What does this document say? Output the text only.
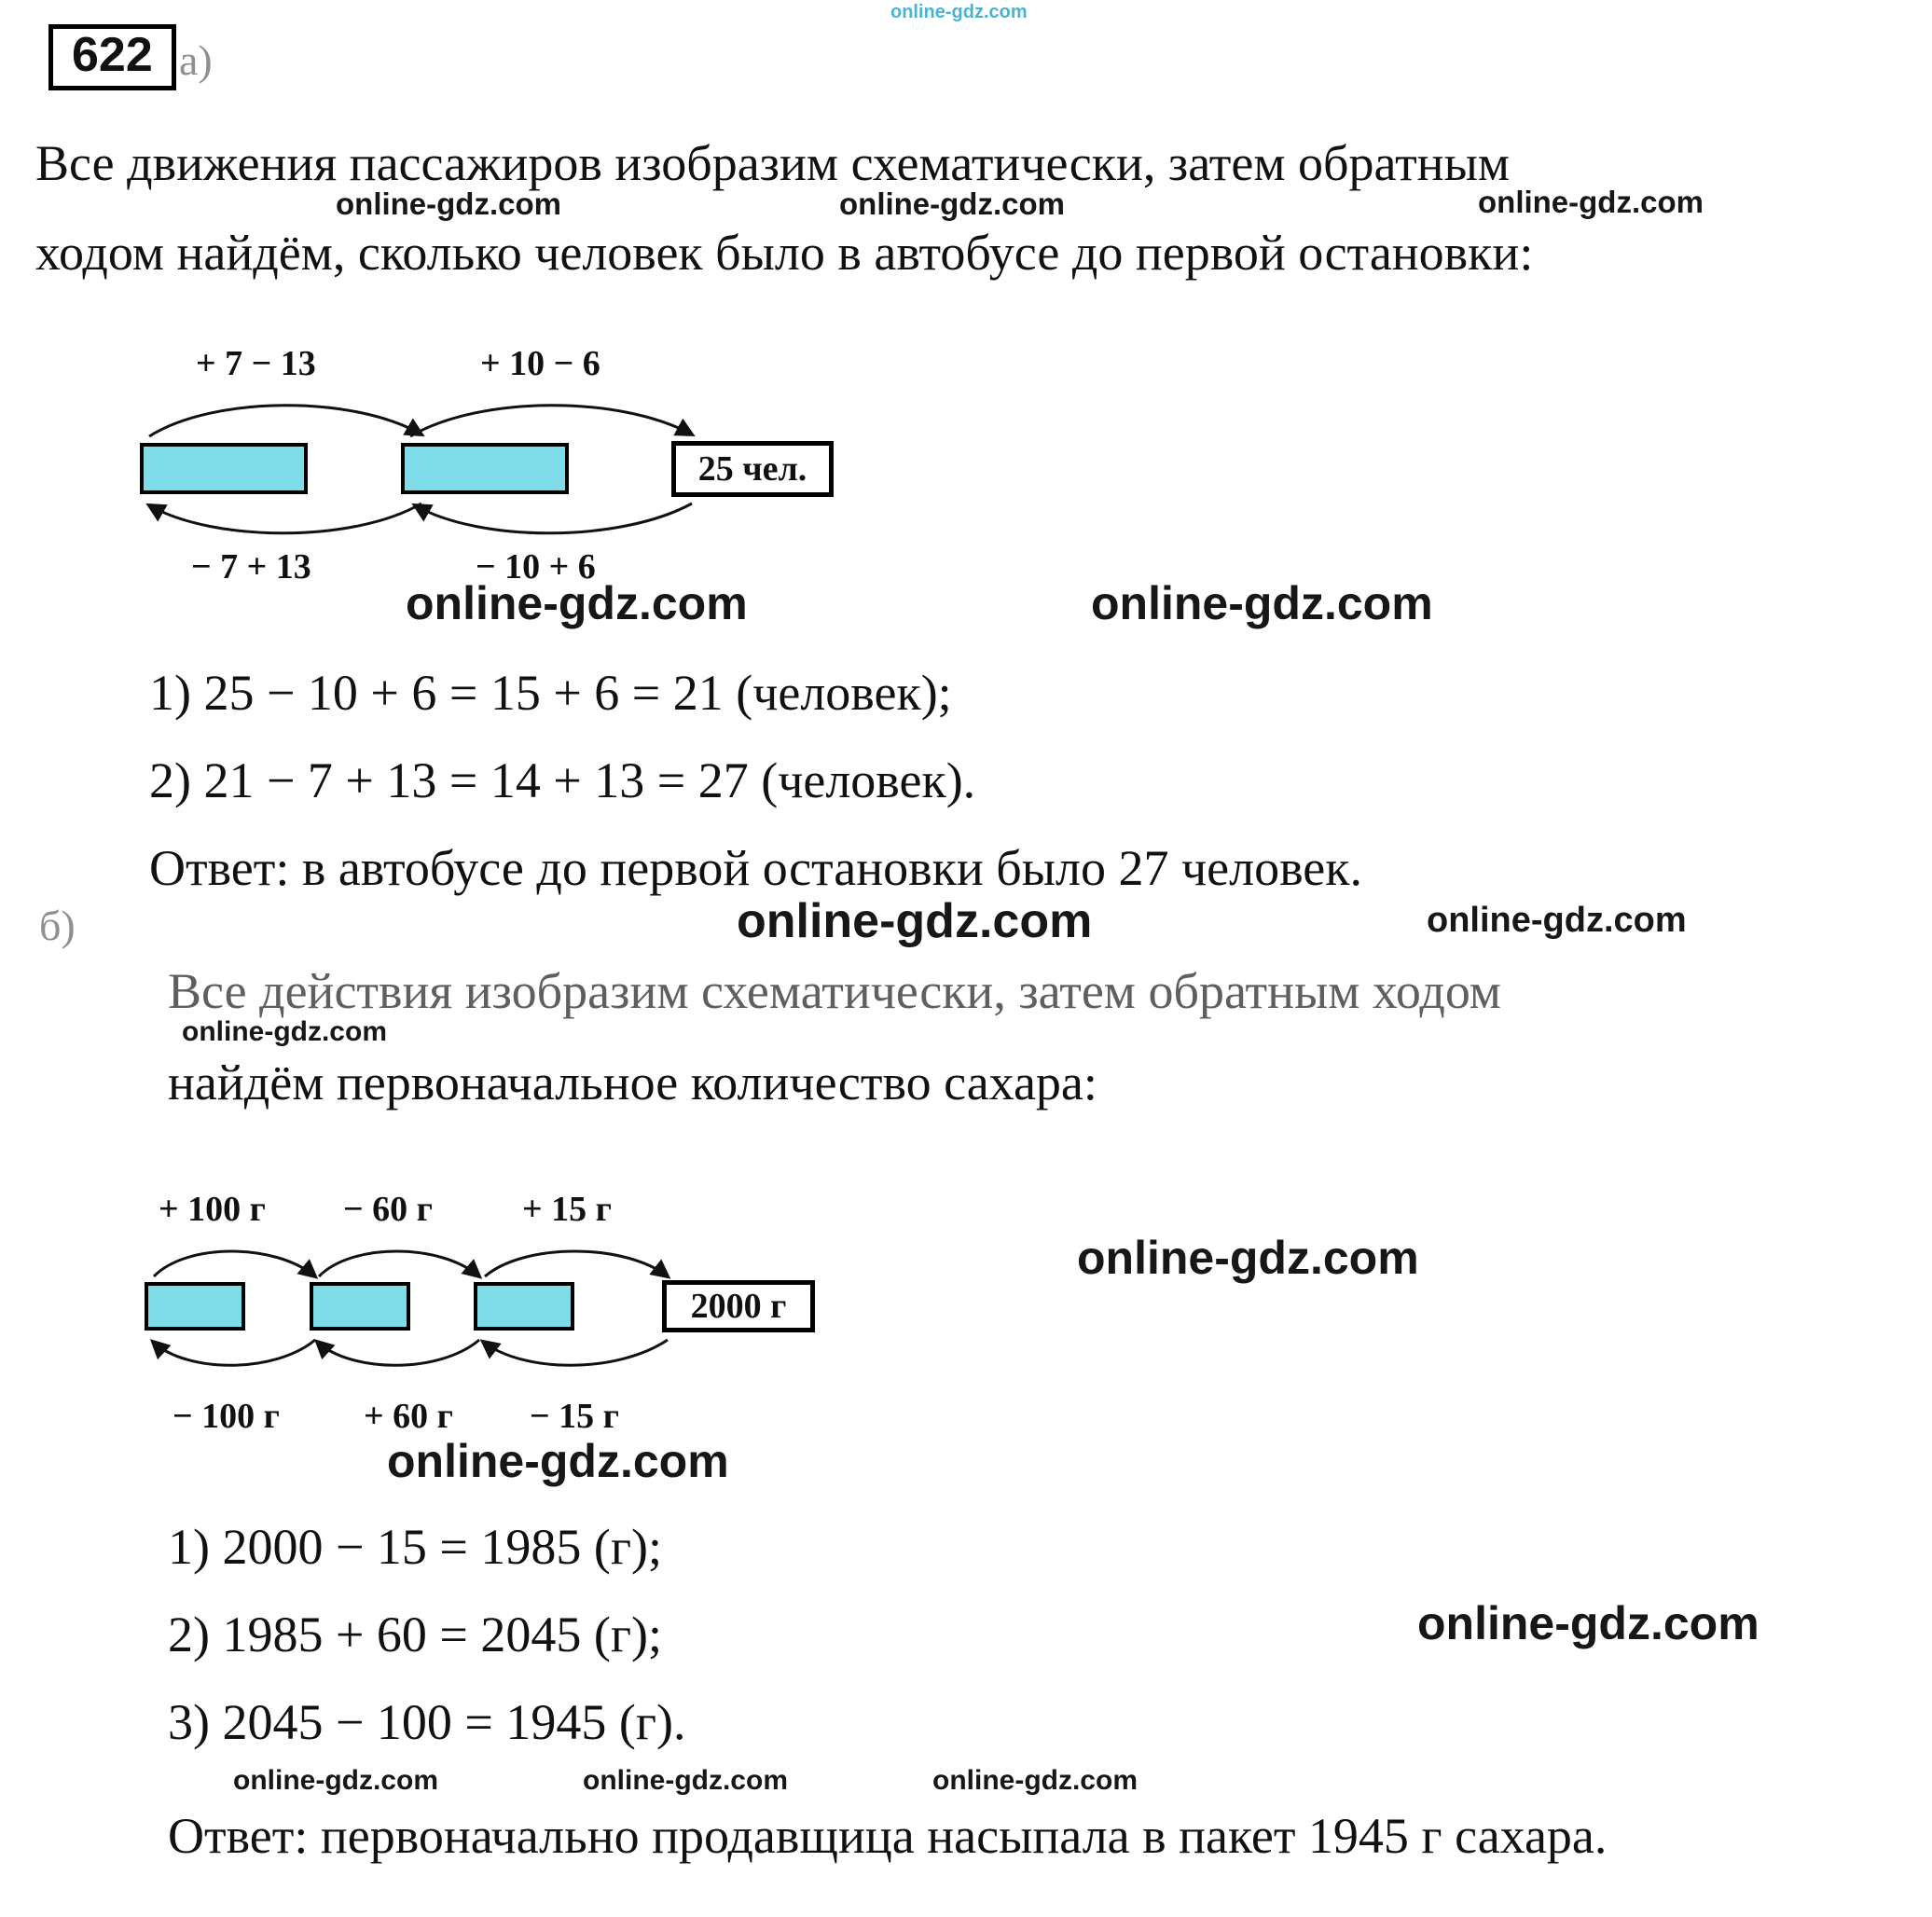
online-gdz.com
online-gdz.com	online-gdz.com	online-gdz.com
online-gdz.com	online-gdz.com
online-gdz.com	online-gdz.com
online-gdz.com
online-gdz.com
online-gdz.com
online-gdz.com
online-gdz.com	online-gdz.com	online-gdz.com
622 а)
Все движения пассажиров изобразим схематически, затем обратным
ходом найдём, сколько человек было в автобусе до первой остановки:
+ 7 − 13	+ 10 − 6
25 чел.
− 7 + 13	− 10 + 6
1) 25 − 10 + 6 = 15 + 6 = 21 (человек);
2) 21 − 7 + 13 = 14 + 13 = 27 (человек).
Ответ: в автобусе до первой остановки было 27 человек.
б)
Все действия изобразим схематически, затем обратным ходом
найдём первоначальное количество сахара:
+ 100 г − 60 г	+ 15 г
2000 г
− 100 г + 60 г − 15 г
1) 2000 − 15 = 1985 (г);
2) 1985 + 60 = 2045 (г);
3) 2045 − 100 = 1945 (г).
Ответ: первоначально продавщица насыпала в пакет 1945 г сахара.
